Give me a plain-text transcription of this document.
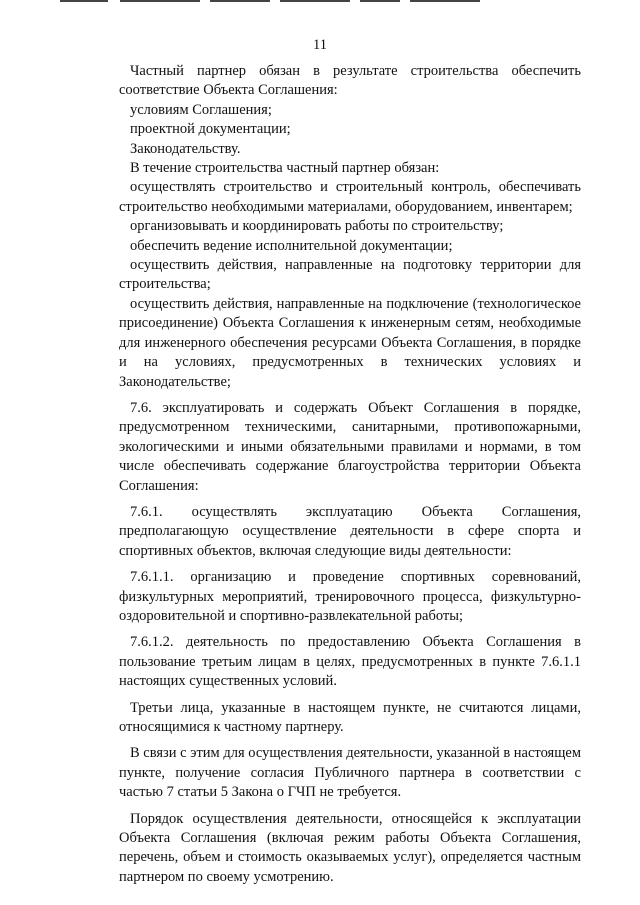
11

Частный партнер обязан в результате строительства обеспечить соответствие Объекта Соглашения:

условиям Соглашения;

проектной документации;

Законодательству.

В течение строительства частный партнер обязан:

осуществлять строительство и строительный контроль, обеспечивать строительство необходимыми материалами, оборудованием, инвентарем;

организовывать и координировать работы по строительству;

обеспечить ведение исполнительной документации;

осуществить действия, направленные на подготовку территории для строительства;

осуществить действия, направленные на подключение (технологическое присоединение) Объекта Соглашения к инженерным сетям, необходимые для инженерного обеспечения ресурсами Объекта Соглашения, в порядке и на условиях, предусмотренных в технических условиях и Законодательстве;

7.6. эксплуатировать и содержать Объект Соглашения в порядке, предусмотренном техническими, санитарными, противопожарными, экологическими и иными обязательными правилами и нормами, в том числе обеспечивать содержание благоустройства территории Объекта Соглашения:

7.6.1. осуществлять эксплуатацию Объекта Соглашения, предполагающую осуществление деятельности в сфере спорта и спортивных объектов, включая следующие виды деятельности:

7.6.1.1. организацию и проведение спортивных соревнований, физкультурных мероприятий, тренировочного процесса, физкультурно-оздоровительной и спортивно-развлекательной работы;

7.6.1.2. деятельность по предоставлению Объекта Соглашения в пользование третьим лицам в целях, предусмотренных в пункте 7.6.1.1 настоящих существенных условий.

Третьи лица, указанные в настоящем пункте, не считаются лицами, относящимися к частному партнеру.

В связи с этим для осуществления деятельности, указанной в настоящем пункте, получение согласия Публичного партнера в соответствии с частью 7 статьи 5 Закона о ГЧП не требуется.

Порядок осуществления деятельности, относящейся к эксплуатации Объекта Соглашения (включая режим работы Объекта Соглашения, перечень, объем и стоимость оказываемых услуг), определяется частным партнером по своему усмотрению.
